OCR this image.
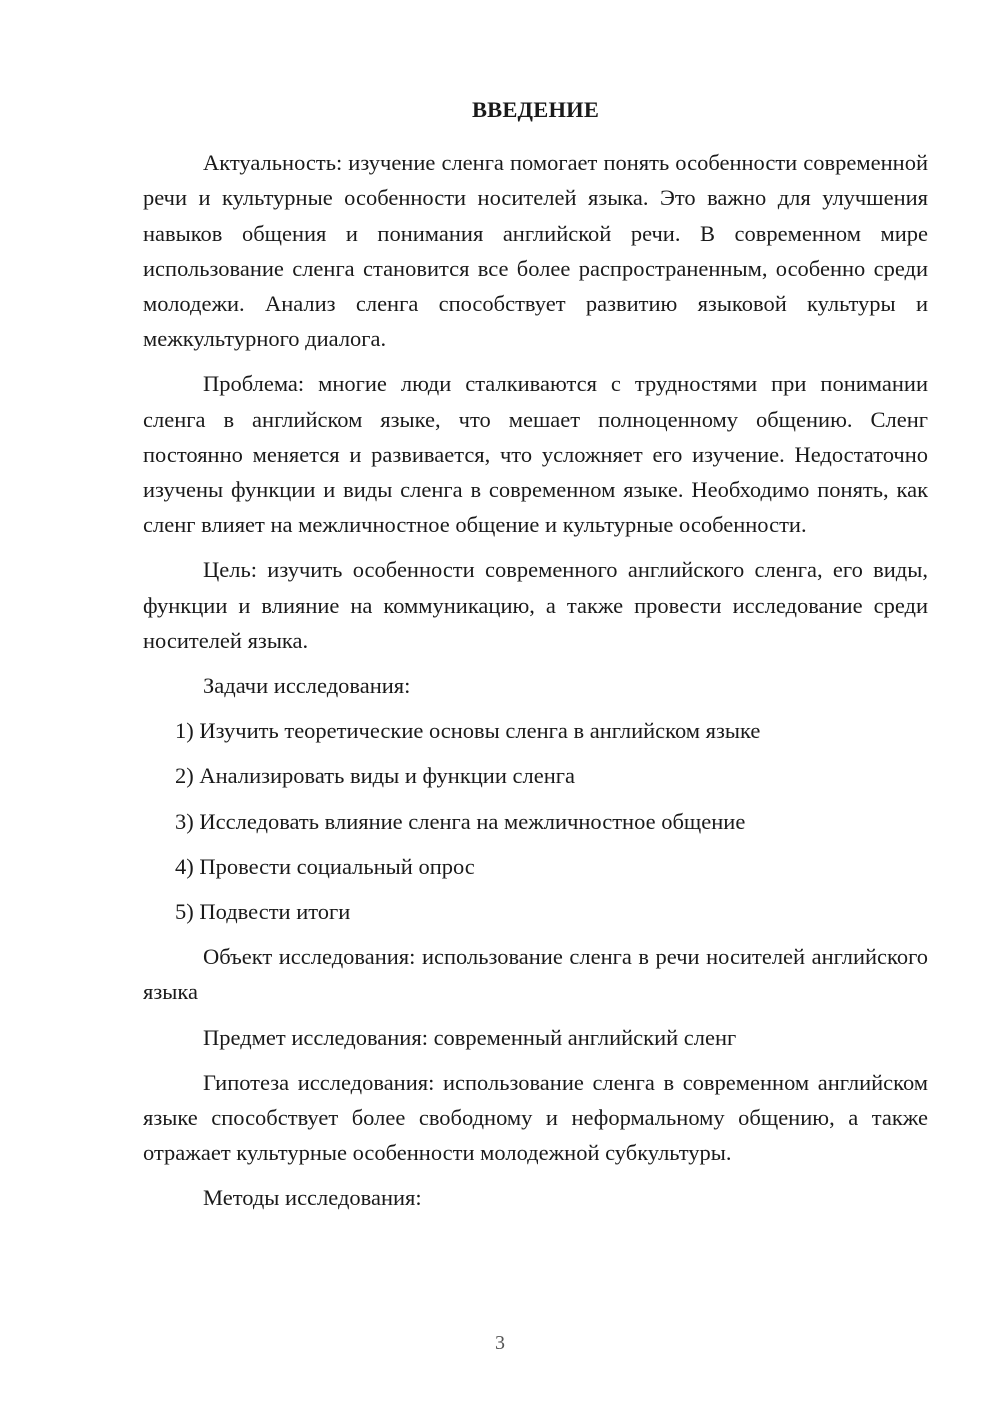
ВВЕДЕНИЕ

Актуальность: изучение сленга помогает понять особенности современной речи и культурные особенности носителей языка. Это важно для улучшения навыков общения и понимания английской речи. В современном мире использование сленга становится все более распространенным, особенно среди молодежи. Анализ сленга способствует развитию языковой культуры и межкультурного диалога.

Проблема: многие люди сталкиваются с трудностями при понимании сленга в английском языке, что мешает полноценному общению. Сленг постоянно меняется и развивается, что усложняет его изучение. Недостаточно изучены функции и виды сленга в современном языке. Необходимо понять, как сленг влияет на межличностное общение и культурные особенности.

Цель: изучить особенности современного английского сленга, его виды, функции и влияние на коммуникацию, а также провести исследование среди носителей языка.

Задачи исследования:

1) Изучить теоретические основы сленга в английском языке
2) Анализировать виды и функции сленга
3) Исследовать влияние сленга на межличностное общение
4) Провести социальный опрос
5) Подвести итоги

Объект исследования: использование сленга в речи носителей английского языка

Предмет исследования: современный английский сленг

Гипотеза исследования: использование сленга в современном английском языке способствует более свободному и неформальному общению, а также отражает культурные особенности молодежной субкультуры.

Методы исследования:

3
